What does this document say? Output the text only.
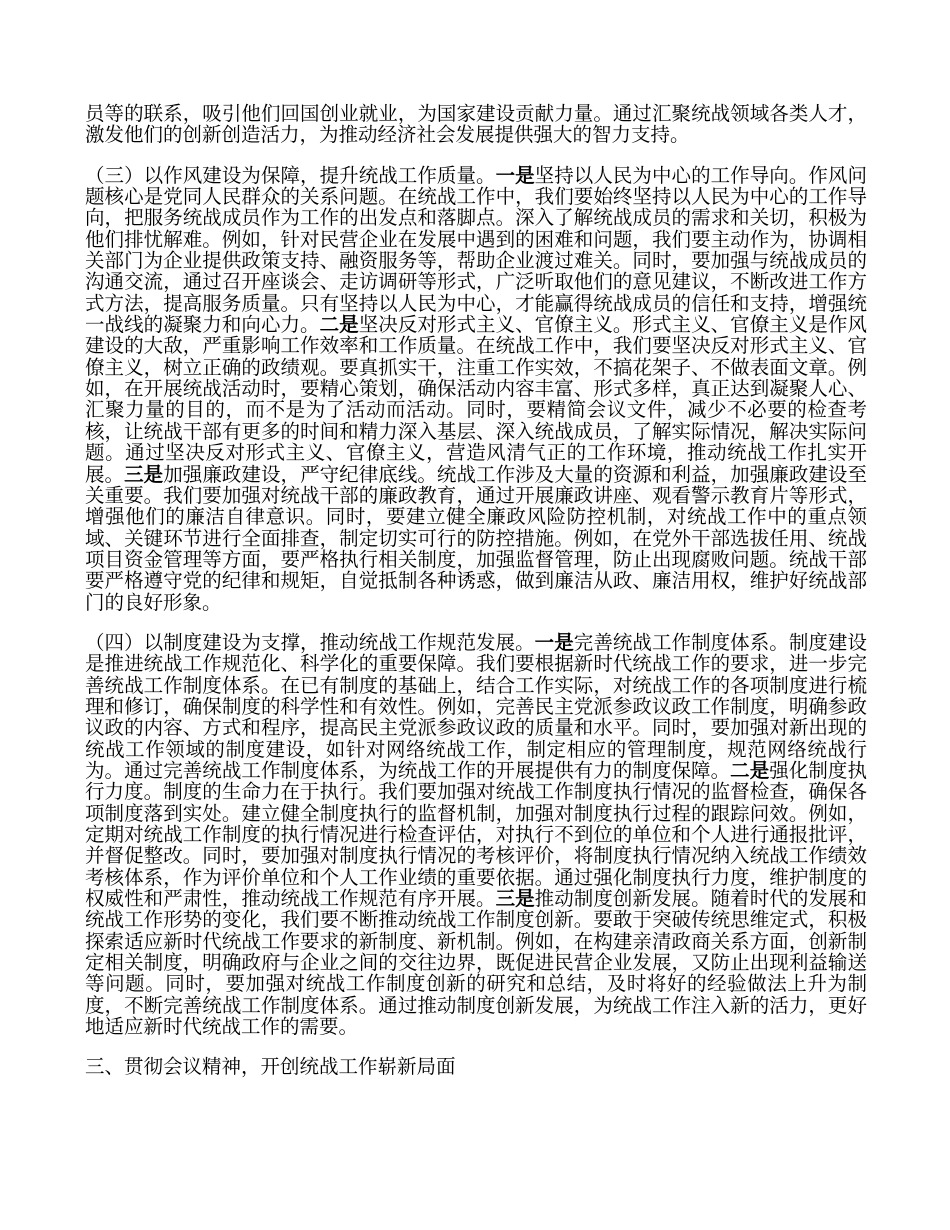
员等的联系，吸引他们回国创业就业，为国家建设贡献力量。通过汇聚统战领域各类人才，激发他们的创新创造活力，为推动经济社会发展提供强大的智力支持。

（三）以作风建设为保障，提升统战工作质量。一是坚持以人民为中心的工作导向。作风问题核心是党同人民群众的关系问题。在统战工作中，我们要始终坚持以人民为中心的工作导向，把服务统战成员作为工作的出发点和落脚点。深入了解统战成员的需求和关切，积极为他们排忧解难。例如，针对民营企业在发展中遇到的困难和问题，我们要主动作为，协调相关部门为企业提供政策支持、融资服务等，帮助企业渡过难关。同时，要加强与统战成员的沟通交流，通过召开座谈会、走访调研等形式，广泛听取他们的意见建议，不断改进工作方式方法，提高服务质量。只有坚持以人民为中心，才能赢得统战成员的信任和支持，增强统一战线的凝聚力和向心力。二是坚决反对形式主义、官僚主义。形式主义、官僚主义是作风建设的大敌，严重影响工作效率和工作质量。在统战工作中，我们要坚决反对形式主义、官僚主义，树立正确的政绩观。要真抓实干，注重工作实效，不搞花架子、不做表面文章。例如，在开展统战活动时，要精心策划，确保活动内容丰富、形式多样，真正达到凝聚人心、汇聚力量的目的，而不是为了活动而活动。同时，要精简会议文件，减少不必要的检查考核，让统战干部有更多的时间和精力深入基层、深入统战成员，了解实际情况，解决实际问题。通过坚决反对形式主义、官僚主义，营造风清气正的工作环境，推动统战工作扎实开展。三是加强廉政建设，严守纪律底线。统战工作涉及大量的资源和利益，加强廉政建设至关重要。我们要加强对统战干部的廉政教育，通过开展廉政讲座、观看警示教育片等形式，增强他们的廉洁自律意识。同时，要建立健全廉政风险防控机制，对统战工作中的重点领域、关键环节进行全面排查，制定切实可行的防控措施。例如，在党外干部选拔任用、统战项目资金管理等方面，要严格执行相关制度，加强监督管理，防止出现腐败问题。统战干部要严格遵守党的纪律和规矩，自觉抵制各种诱惑，做到廉洁从政、廉洁用权，维护好统战部门的良好形象。

（四）以制度建设为支撑，推动统战工作规范发展。一是完善统战工作制度体系。制度建设是推进统战工作规范化、科学化的重要保障。我们要根据新时代统战工作的要求，进一步完善统战工作制度体系。在已有制度的基础上，结合工作实际，对统战工作的各项制度进行梳理和修订，确保制度的科学性和有效性。例如，完善民主党派参政议政工作制度，明确参政议政的内容、方式和程序，提高民主党派参政议政的质量和水平。同时，要加强对新出现的统战工作领域的制度建设，如针对网络统战工作，制定相应的管理制度，规范网络统战行为。通过完善统战工作制度体系，为统战工作的开展提供有力的制度保障。二是强化制度执行力度。制度的生命力在于执行。我们要加强对统战工作制度执行情况的监督检查，确保各项制度落到实处。建立健全制度执行的监督机制，加强对制度执行过程的跟踪问效。例如，定期对统战工作制度的执行情况进行检查评估，对执行不到位的单位和个人进行通报批评，并督促整改。同时，要加强对制度执行情况的考核评价，将制度执行情况纳入统战工作绩效考核体系，作为评价单位和个人工作业绩的重要依据。通过强化制度执行力度，维护制度的权威性和严肃性，推动统战工作规范有序开展。三是推动制度创新发展。随着时代的发展和统战工作形势的变化，我们要不断推动统战工作制度创新。要敢于突破传统思维定式，积极探索适应新时代统战工作要求的新制度、新机制。例如，在构建亲清政商关系方面，创新制定相关制度，明确政府与企业之间的交往边界，既促进民营企业发展，又防止出现利益输送等问题。同时，要加强对统战工作制度创新的研究和总结，及时将好的经验做法上升为制度，不断完善统战工作制度体系。通过推动制度创新发展，为统战工作注入新的活力，更好地适应新时代统战工作的需要。

三、贯彻会议精神，开创统战工作崭新局面
